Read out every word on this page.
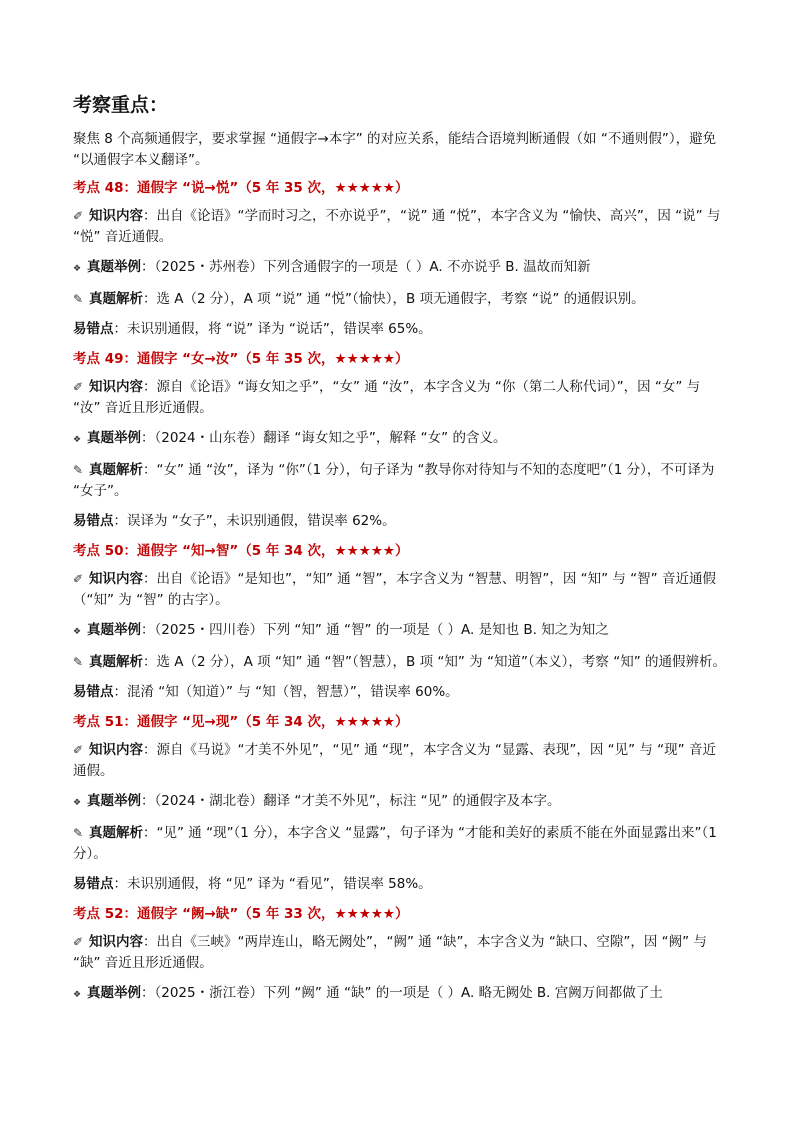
考察重点：

聚焦 8 个高频通假字，要求掌握 “通假字→本字” 的对应关系，能结合语境判断通假（如 “不通则假”），避免 “以通假字本义翻译”。

考点 48：通假字 “说→悦”（5 年 35 次，★★★★★）
✐ 知识内容：出自《论语》“学而时习之，不亦说乎”，“说” 通 “悦”，本字含义为 “愉快、高兴”，因 “说” 与 “悦” 音近通假。
❖ 真题举例：（2025・苏州卷）下列含通假字的一项是（ ）A. 不亦说乎 B. 温故而知新
✎ 真题解析：选 A（2 分），A 项 “说” 通 “悦”（愉快），B 项无通假字，考察 “说” 的通假识别。
易错点：未识别通假，将 “说” 译为 “说话”，错误率 65%。
考点 49：通假字 “女→汝”（5 年 35 次，★★★★★）
✐ 知识内容：源自《论语》“诲女知之乎”，“女” 通 “汝”，本字含义为 “你（第二人称代词）”，因 “女” 与 “汝” 音近且形近通假。
❖ 真题举例：（2024・山东卷）翻译 “诲女知之乎”，解释 “女” 的含义。
✎ 真题解析：“女” 通 “汝”，译为 “你”（1 分），句子译为 “教导你对待知与不知的态度吧”（1 分），不可译为 “女子”。
易错点：误译为 “女子”，未识别通假，错误率 62%。
考点 50：通假字 “知→智”（5 年 34 次，★★★★★）
✐ 知识内容：出自《论语》“是知也”，“知” 通 “智”，本字含义为 “智慧、明智”，因 “知” 与 “智” 音近通假（“知” 为 “智” 的古字）。
❖ 真题举例：（2025・四川卷）下列 “知” 通 “智” 的一项是（ ）A. 是知也 B. 知之为知之
✎ 真题解析：选 A（2 分），A 项 “知” 通 “智”（智慧），B 项 “知” 为 “知道”（本义），考察 “知” 的通假辨析。
易错点：混淆 “知（知道）” 与 “知（智，智慧）”，错误率 60%。
考点 51：通假字 “见→现”（5 年 34 次，★★★★★）
✐ 知识内容：源自《马说》“才美不外见”，“见” 通 “现”，本字含义为 “显露、表现”，因 “见” 与 “现” 音近通假。
❖ 真题举例：（2024・湖北卷）翻译 “才美不外见”，标注 “见” 的通假字及本字。
✎ 真题解析：“见” 通 “现”（1 分），本字含义 “显露”，句子译为 “才能和美好的素质不能在外面显露出来”（1 分）。
易错点：未识别通假，将 “见” 译为 “看见”，错误率 58%。
考点 52：通假字 “阙→缺”（5 年 33 次，★★★★★）
✐ 知识内容：出自《三峡》“两岸连山，略无阙处”，“阙” 通 “缺”，本字含义为 “缺口、空隙”，因 “阙” 与 “缺” 音近且形近通假。
❖ 真题举例：（2025・浙江卷）下列 “阙” 通 “缺” 的一项是（ ）A. 略无阙处 B. 宫阙万间都做了土
